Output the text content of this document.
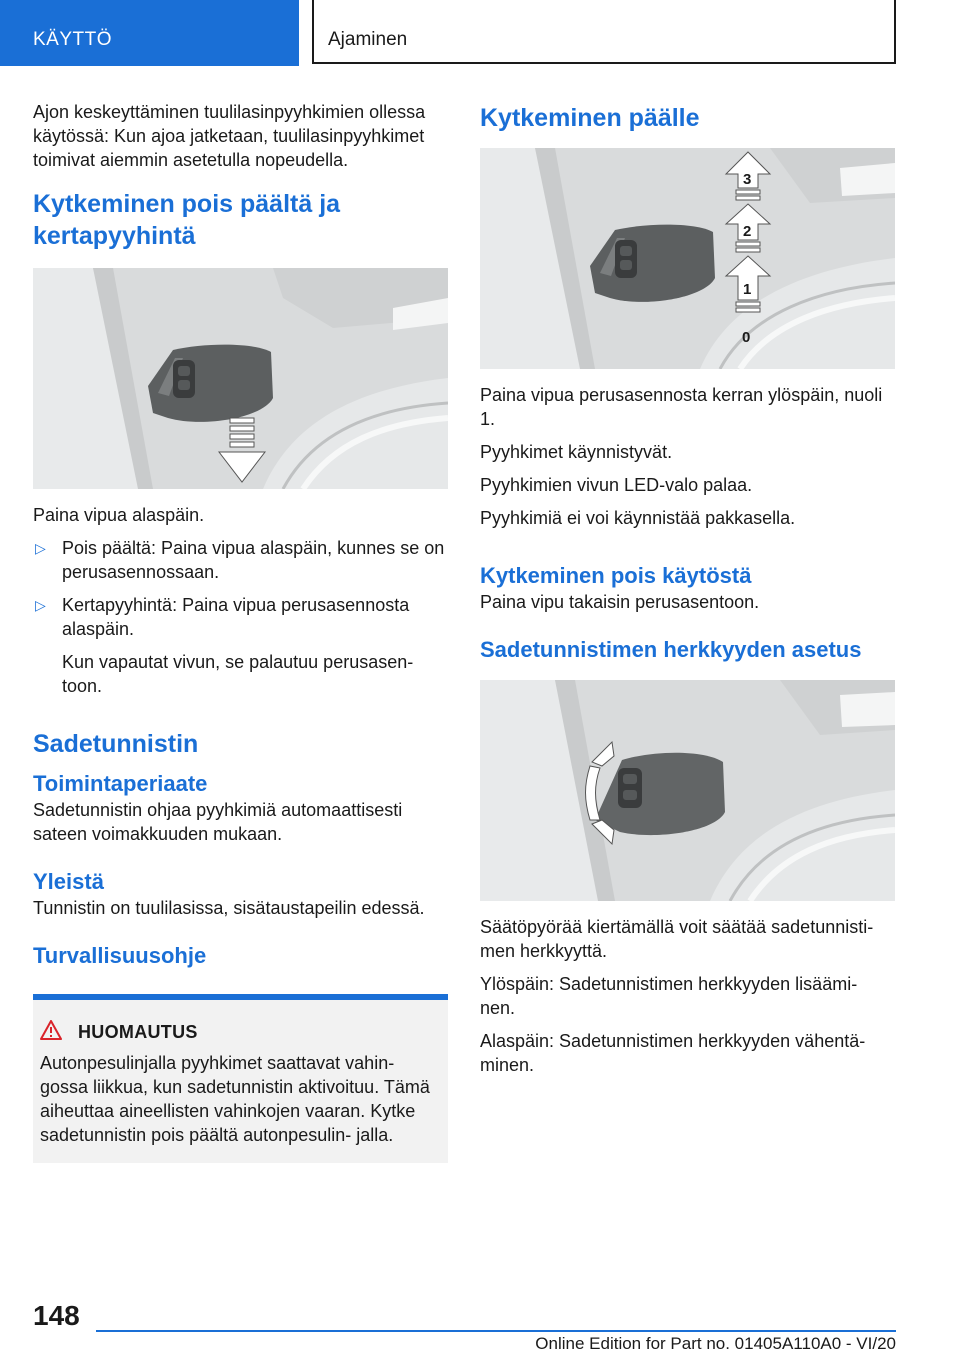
KÄYTTÖ	Ajaminen

Ajon keskeyttäminen tuulilasinpyyhkimien ollessa käytössä: Kun ajoa jatketaan, tuulilasinpyyhkimet toimivat aiemmin asetetulla nopeudella.

Kytkeminen pois päältä ja kertapyyhintä

Paina vipua alaspäin.

▷ Pois päältä: Paina vipua alaspäin, kunnes se on perusasennossaan.

▷ Kertapyyhintä: Paina vipua perusasennosta alaspäin.

Kun vapautat vivun, se palautuu perusasen- toon.

Sadetunnistin
Toimintaperiaate

Sadetunnistin ohjaa pyyhkimiä automaattisesti sateen voimakkuuden mukaan.

Yleistä

Tunnistin on tuulilasissa, sisätaustapeilin edessä.

Turvallisuusohje
HUOMAUTUS

Autonpesulinjalla pyyhkimet saattavat vahin- gossa liikkua, kun sadetunnistin aktivoituu. Tämä aiheuttaa aineellisten vahinkojen vaaran. Kytke sadetunnistin pois päältä autonpesulin- jalla.

Kytkeminen päälle
3
2
1
0

Paina vipua perusasennosta kerran ylöspäin, nuoli 1.

Pyyhkimet käynnistyvät.

Pyyhkimien vivun LED-valo palaa.

Pyyhkimiä ei voi käynnistää pakkasella.

Kytkeminen pois käytöstä

Paina vipu takaisin perusasentoon.

Sadetunnistimen herkkyyden asetus

Säätöpyörää kiertämällä voit säätää sadetunnisti- men herkkyyttä.

Ylöspäin: Sadetunnistimen herkkyyden lisäämi- nen.

Alaspäin: Sadetunnistimen herkkyyden vähentä- minen.

148
Online Edition for Part no. 01405A110A0 - VI/20
